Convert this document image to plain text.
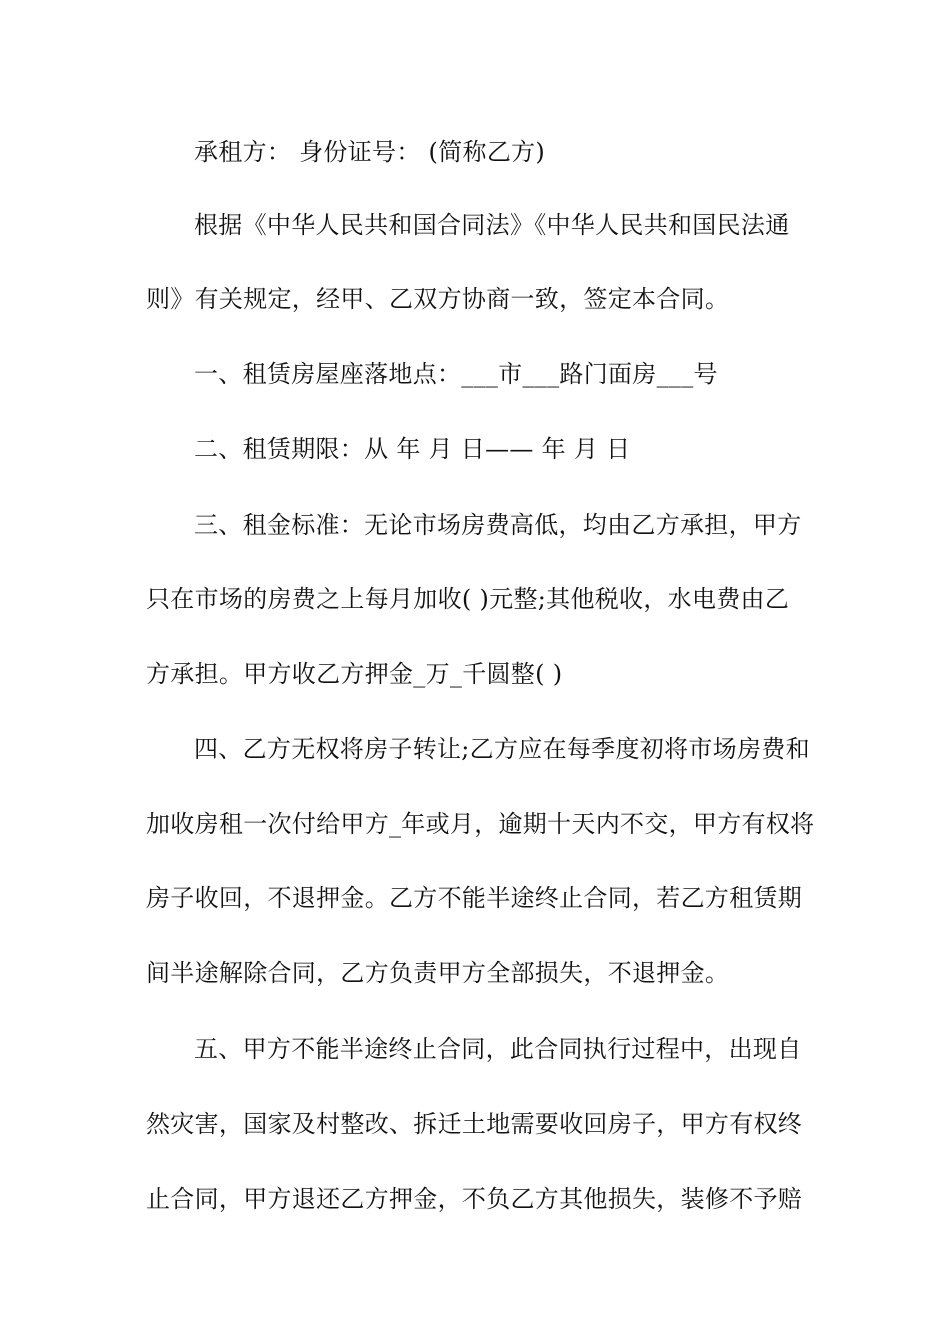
承租方： 身份证号： (简称乙方)

根据《中华人民共和国合同法》《中华人民共和国民法通

则》有关规定，经甲、乙双方协商一致，签定本合同。

一、租赁房屋座落地点：___市___路门面房___号

二、租赁期限：从 年 月 日—— 年 月 日

三、租金标准：无论市场房费高低，均由乙方承担，甲方

只在市场的房费之上每月加收( )元整;其他税收，水电费由乙

方承担。甲方收乙方押金_万_千圆整( )

四、乙方无权将房子转让;乙方应在每季度初将市场房费和

加收房租一次付给甲方_年或月，逾期十天内不交，甲方有权将

房子收回，不退押金。乙方不能半途终止合同，若乙方租赁期

间半途解除合同，乙方负责甲方全部损失，不退押金。

五、甲方不能半途终止合同，此合同执行过程中，出现自

然灾害，国家及村整改、拆迁土地需要收回房子，甲方有权终

止合同，甲方退还乙方押金，不负乙方其他损失，装修不予赔
